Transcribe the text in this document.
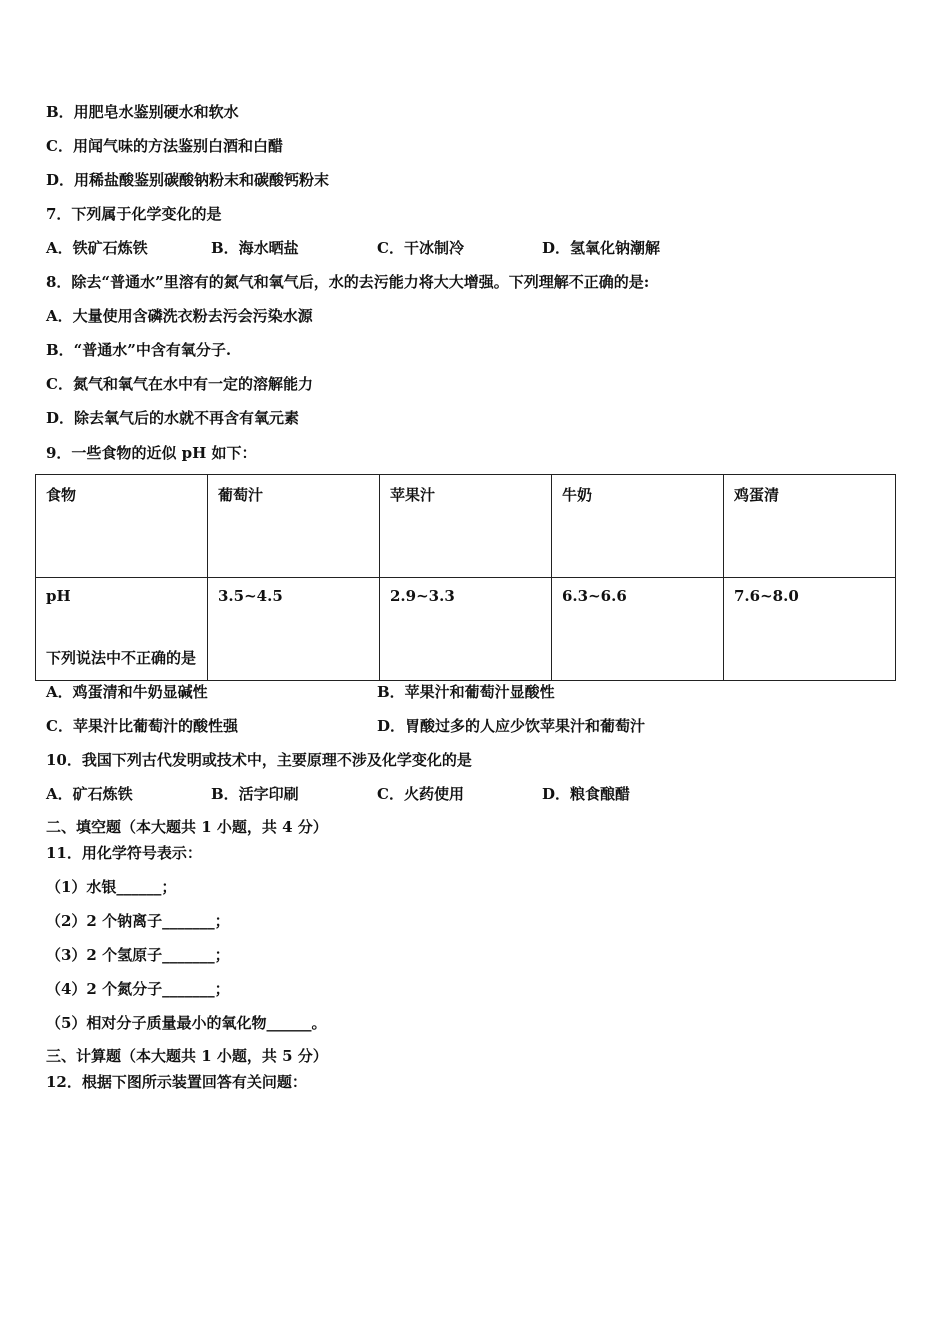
B．用肥皂水鉴别硬水和软水
C．用闻气味的方法鉴别白酒和白醋
D．用稀盐酸鉴别碳酸钠粉末和碳酸钙粉末
7．下列属于化学变化的是
A．铁矿石炼铁	B．海水晒盐	C．干冰制冷	D．氢氧化钠潮解
8．除去“普通水”里溶有的氮气和氧气后，水的去污能力将大大增强。下列理解不正确的是:
A．大量使用含磷洗衣粉去污会污染水源
B．“普通水”中含有氧分子.
C．氮气和氧气在水中有一定的溶解能力
D．除去氧气后的水就不再含有氧元素
9．一些食物的近似 pH 如下：
食物	葡萄汁	苹果汁	牛奶	鸡蛋清
pH	3.5~4.5	2.9~3.3	6.3~6.6	7.6~8.0
下列说法中不正确的是
A．鸡蛋清和牛奶显碱性	B．苹果汁和葡萄汁显酸性
C．苹果汁比葡萄汁的酸性强	D．胃酸过多的人应少饮苹果汁和葡萄汁
10．我国下列古代发明或技术中，主要原理不涉及化学变化的是
A．矿石炼铁	B．活字印刷	C．火药使用	D．粮食酿醋
二、填空题（本大题共 1 小题，共 4 分）
11．用化学符号表示：
（1）水银______；
（2）2 个钠离子_______；
（3）2 个氢原子_______；
（4）2 个氮分子_______；
（5）相对分子质量最小的氧化物______。
三、计算题（本大题共 1 小题，共 5 分）
12．根据下图所示装置回答有关问题：
